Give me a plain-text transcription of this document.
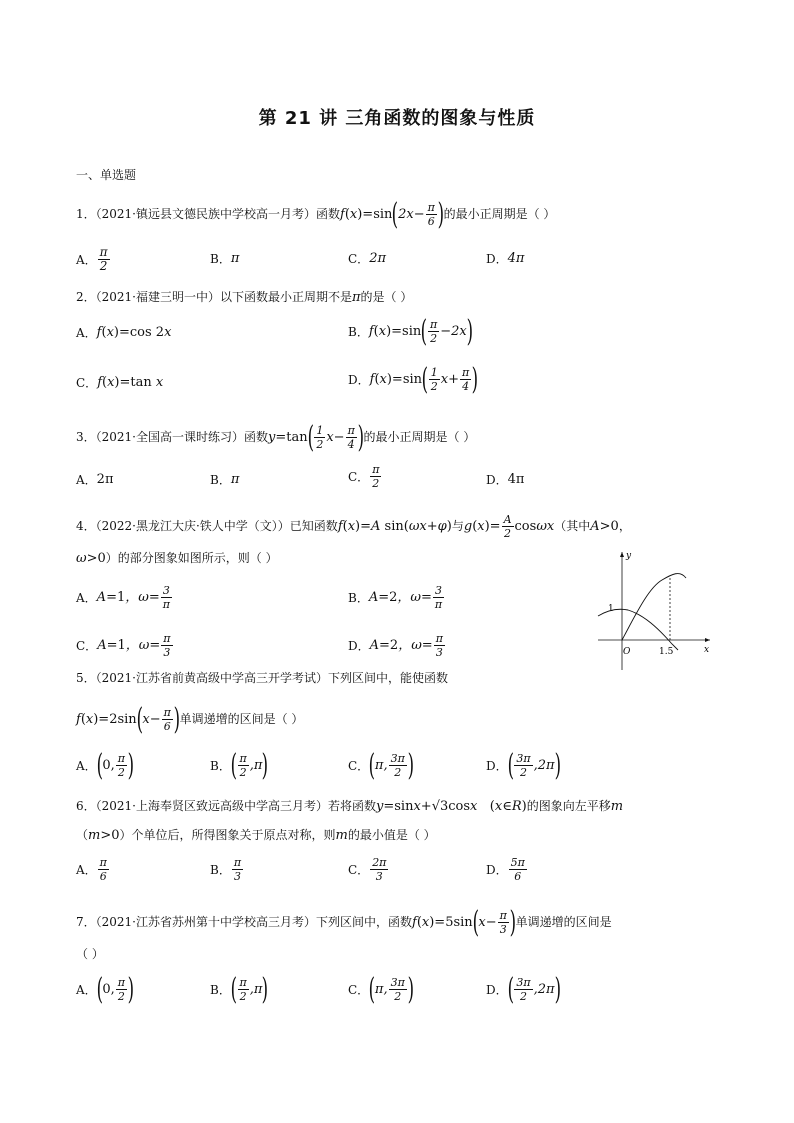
第 21 讲 三角函数的图象与性质
一、单选题
1．（2021·镇远县文德民族中学校高一月考）函数$f(x)=\sin(2x- \frac{\pi}{6}$ )的最小正周期是（ ）
A． $\frac{\pi}{2}$	B． π	C． 2π	D． 4π
2．（2021·福建三明一中）以下函数最小正周期不是π的是（ ）
A． f(x)=cos 2x	B． $f(x)=\sin( \frac{\pi}{2} -2x)$
C． f(x)=tan x	D． $f(x)=\sin( \frac{1}{2} x+ \frac{\pi}{4}$ )
3．（2021·全国高一课时练习）函数$y=\tan( \frac{1}{2} x- \frac{\pi}{4}$ )的最小正周期是（ ）
A． 2π	B． π	C． $\frac{\pi}{2}$	D． 4π
4．（2022·黑龙江大庆·铁人中学（文））已知函数f(x)=A sin(ωx+φ)与$g(x)= \frac{A}{2} \cos\omega x$（其中A>0，
ω>0）的部分图象如图所示，则（ ）
A． A=1，$\omega= \frac{3}{\pi}$	B． A=2，$\omega= \frac{3}{\pi}$
C． A=1，$\omega= \frac{\pi}{3}$	D． A=2，$\omega= \frac{\pi}{3}$
y
x
O
1
1.5
5．（2021·江苏省前黄高级中学高三开学考试）下列区间中，能使函数
$f(x)=2\sin(x- \frac{\pi}{6}$ )单调递增的区间是（ ）
A． (0, $\frac{\pi}{2}$ )	B． ( $\frac{\pi}{2} ,\pi$)	C． (π, $\frac{3\pi}{2}$ )	D． ( $\frac{3\pi}{2} ,2\pi$)
6．（2021·上海奉贤区致远高级中学高三月考）若将函数y=sinx+√3cosx (x∈R)的图象向左平移m
（m>0）个单位后，所得图象关于原点对称，则m的最小值是（ ）
A． $\frac{\pi}{6}$	B． $\frac{\pi}{3}$	C． $\frac{2\pi}{3}$	D． $\frac{5\pi}{6}$
7．（2021·江苏省苏州第十中学校高三月考）下列区间中，函数$f(x)=5\sin(x- \frac{\pi}{3}$ )单调递增的区间是
（ ）
A． (0, $\frac{\pi}{2}$ )	B． ( $\frac{\pi}{2} ,\pi$)	C． (π, $\frac{3\pi}{2}$ )	D． ( $\frac{3\pi}{2} ,2\pi$)
